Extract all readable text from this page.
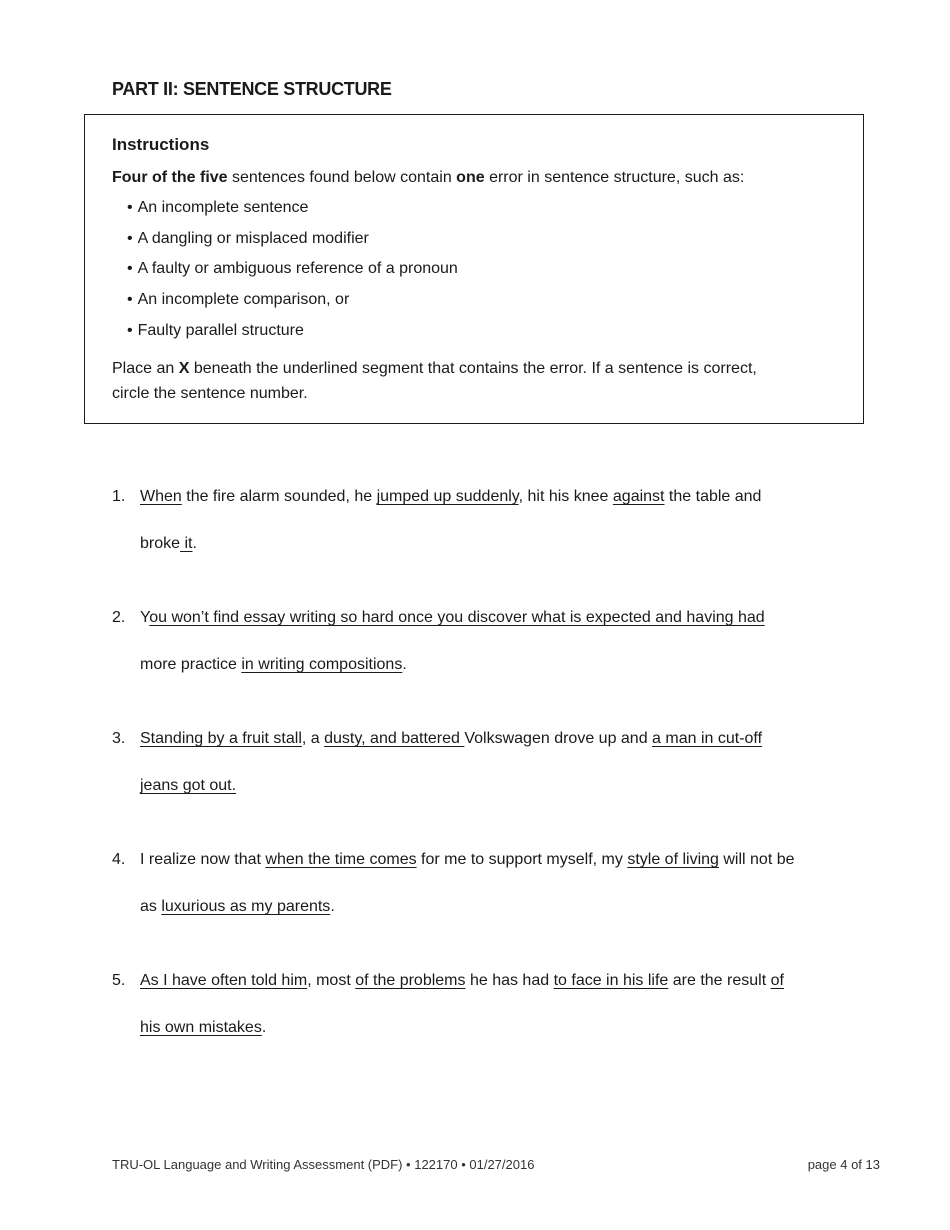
PART II: SENTENCE STRUCTURE
Instructions

Four of the five sentences found below contain one error in sentence structure, such as:

• An incomplete sentence
• A dangling or misplaced modifier
• A faulty or ambiguous reference of a pronoun
• An incomplete comparison, or
• Faulty parallel structure

Place an X beneath the underlined segment that contains the error. If a sentence is correct, circle the sentence number.

1. When the fire alarm sounded, he jumped up suddenly, hit his knee against the table and broke it.
2. You won’t find essay writing so hard once you discover what is expected and having had more practice in writing compositions.
3. Standing by a fruit stall, a dusty, and battered Volkswagen drove up and a man in cut-off jeans got out.
4. I realize now that when the time comes for me to support myself, my style of living will not be as luxurious as my parents.
5. As I have often told him, most of the problems he has had to face in his life are the result of his own mistakes.
TRU-OL Language and Writing Assessment (PDF) • 122170 • 01/27/2016	page 4 of 13
